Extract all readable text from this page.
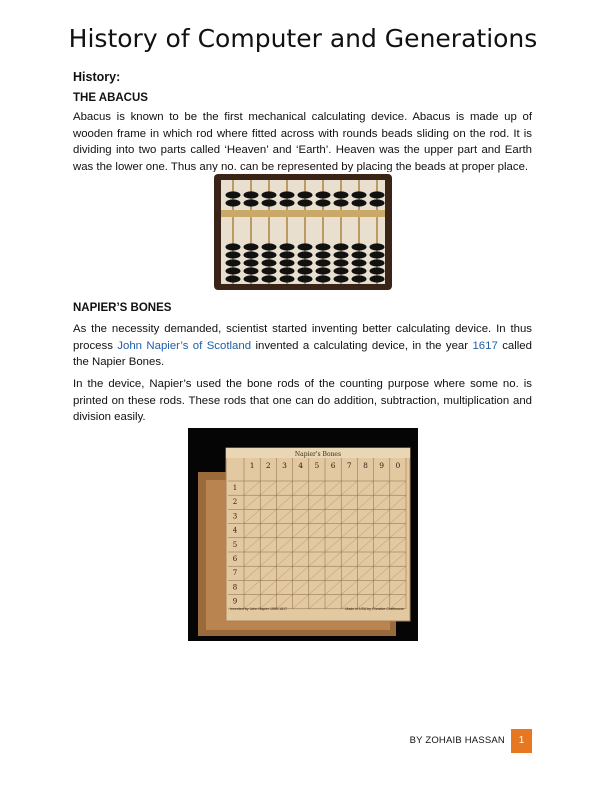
History of Computer and Generations
History:
THE ABACUS

Abacus is known to be the first mechanical calculating device. Abacus is made up of wooden frame in which rod where fitted across with rounds beads sliding on the rod. It is dividing into two parts called ‘Heaven’ and ‘Earth’. Heaven was the upper part and Earth was the lower one. Thus any no. can be represented by placing the beads at proper place.

NAPIER’S BONES

As the necessity demanded, scientist started inventing better calculating device. In thus process John Napier’s of Scotland invented a calculating device, in the year 1617 called the Napier Bones.

In the device, Napier’s used the bone rods of the counting purpose where some no. is printed on these rods. These rods that one can do addition, subtraction, multiplication and division easily.

Napier's Bones
1 2 3 4 5 6 7 8 9 0
1
2
3
4
5
6
7
8
9
Invented by John Napier 1550-1617	Made in USA by Creative Crafthouse
BY ZOHAIB HASSAN	1
